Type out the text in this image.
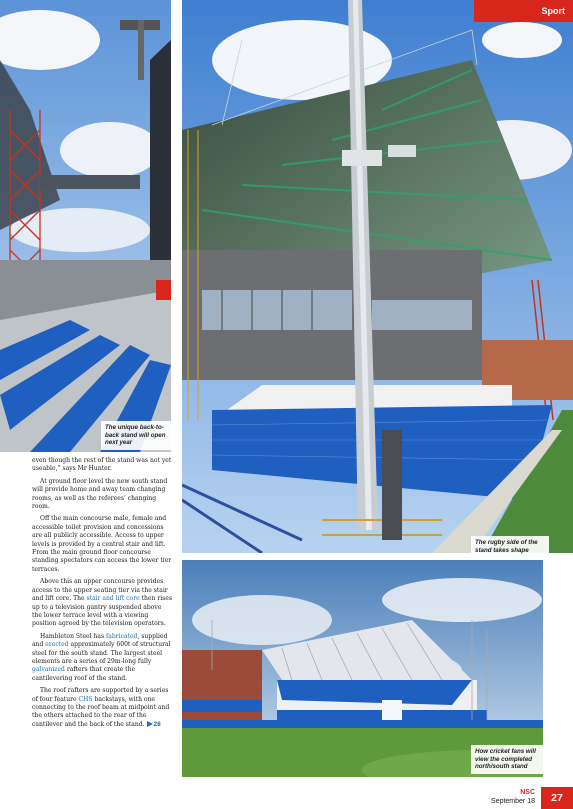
The unique back-to-back stand will open next year

even though the rest of the stand was not yet useable,” says Mr Hunter.

At ground floor level the new south stand will provide home and away team changing rooms, as well as the referees’ changing room.

Off the main concourse male, female and accessible toilet provision and concessions are all publicly accessible. Access to upper levels is provided by a central stair and lift. From the main ground floor concourse standing spectators can access the lower tier terraces.

Above this an upper concourse provides access to the upper seating tier via the stair and lift core. The stair and lift core then rises up to a television gantry suspended above the lower terrace level with a viewing position agreed by the television operators.

Hambleton Steel has fabricated, supplied and erected approximately 600t of structural steel for the south stand. The largest steel elements are a series of 29m-long fully galvanized rafters that create the cantilevering roof of the stand.

The roof rafters are supported by a series of four feature CHS backstays, with one connecting to the roof beam at midpoint and the others attached to the rear of the cantilever and the back of the stand. 28

The rugby side of the stand takes shape
How cricket fans will view the completed north/south stand
Sport
NSC
September 18	27
